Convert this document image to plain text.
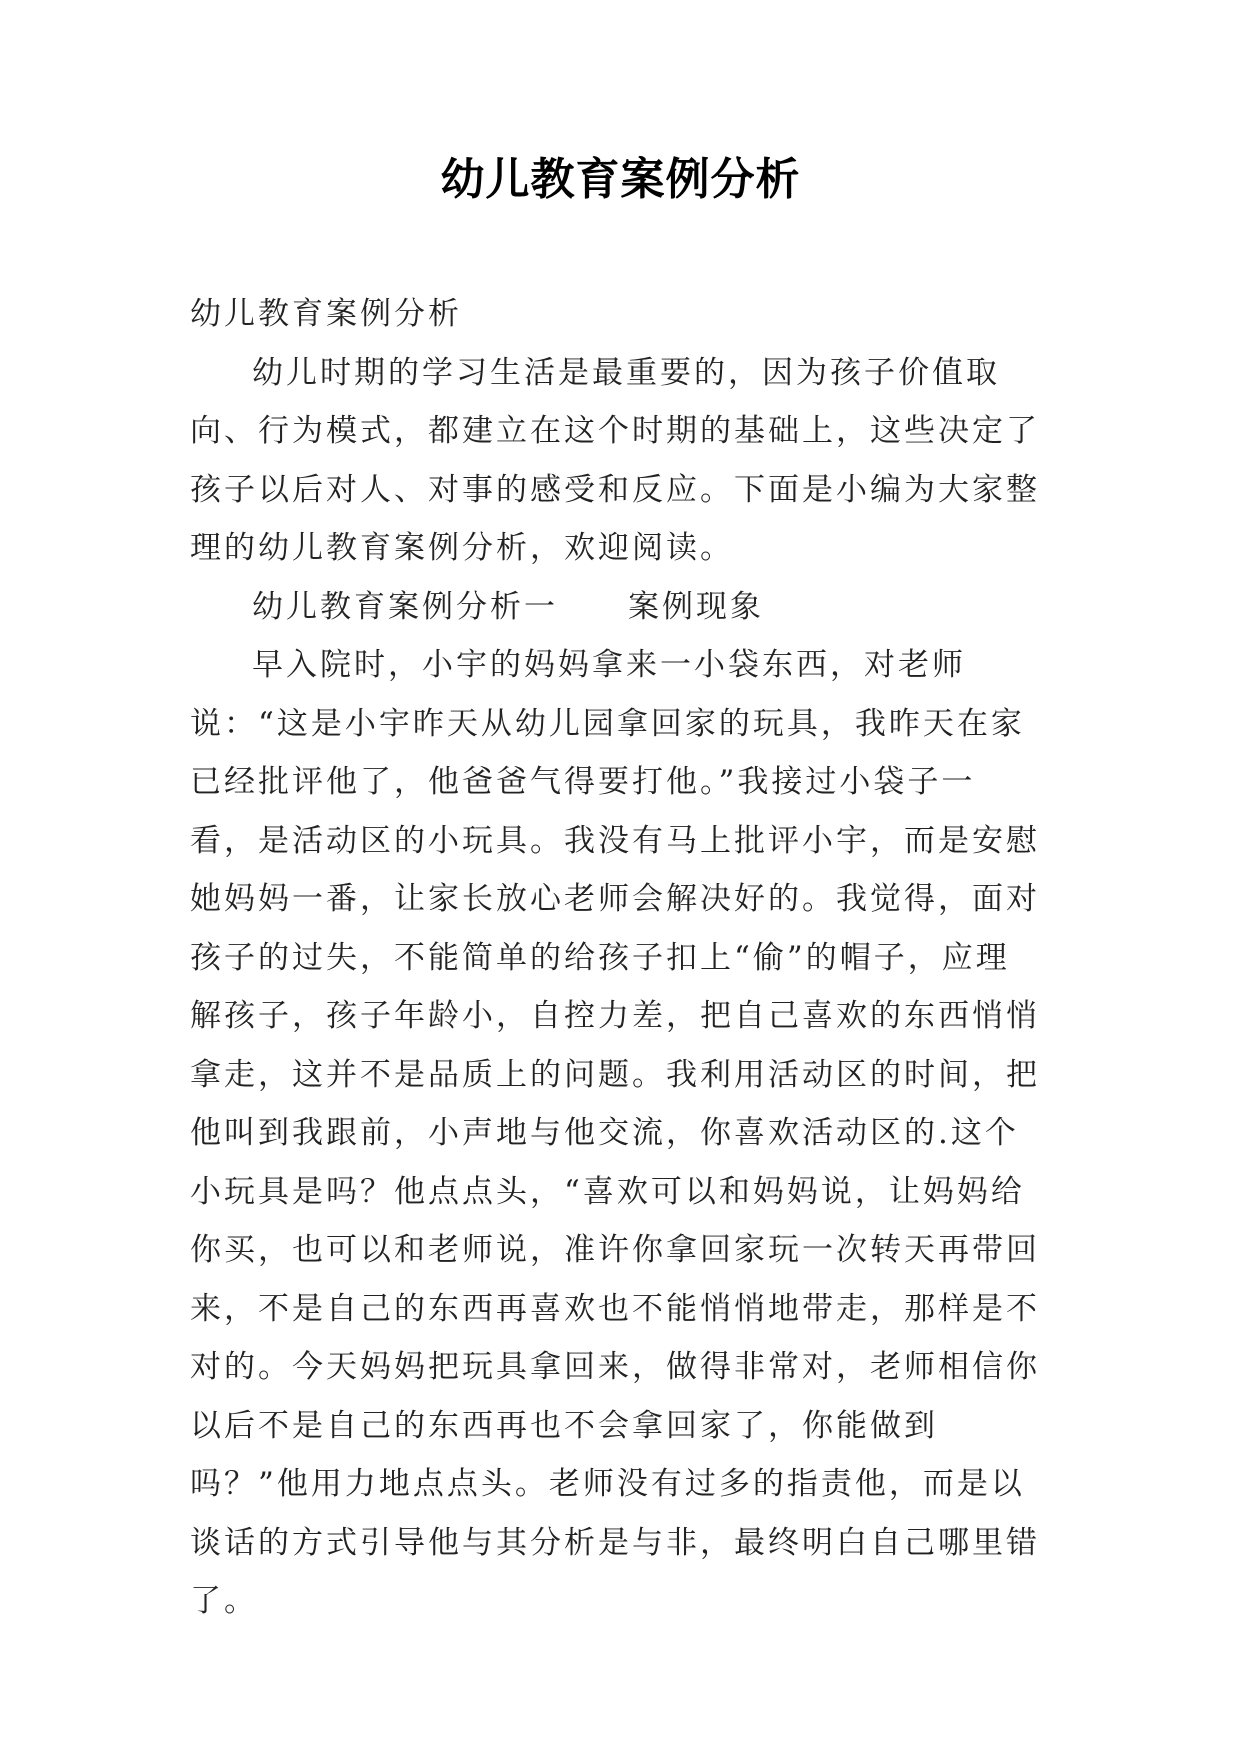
幼儿教育案例分析

幼儿教育案例分析

幼儿时期的学习生活是最重要的，因为孩子价值取向、行为模式，都建立在这个时期的基础上，这些决定了孩子以后对人、对事的感受和反应。下面是小编为大家整理的幼儿教育案例分析，欢迎阅读。

幼儿教育案例分析一 案例现象

早入院时，小宇的妈妈拿来一小袋东西，对老师说：“这是小宇昨天从幼儿园拿回家的玩具，我昨天在家已经批评他了，他爸爸气得要打他。”我接过小袋子一看，是活动区的小玩具。我没有马上批评小宇，而是安慰她妈妈一番，让家长放心老师会解决好的。我觉得，面对孩子的过失，不能简单的给孩子扣上“偷”的帽子，应理解孩子，孩子年龄小，自控力差，把自己喜欢的东西悄悄拿走，这并不是品质上的问题。我利用活动区的时间，把他叫到我跟前，小声地与他交流，你喜欢活动区的.这个小玩具是吗？他点点头，“喜欢可以和妈妈说，让妈妈给你买，也可以和老师说，准许你拿回家玩一次转天再带回来，不是自己的东西再喜欢也不能悄悄地带走，那样是不对的。今天妈妈把玩具拿回来，做得非常对，老师相信你以后不是自己的东西再也不会拿回家了，你能做到吗？”他用力地点点头。老师没有过多的指责他，而是以谈话的方式引导他与其分析是与非，最终明白自己哪里错了。
